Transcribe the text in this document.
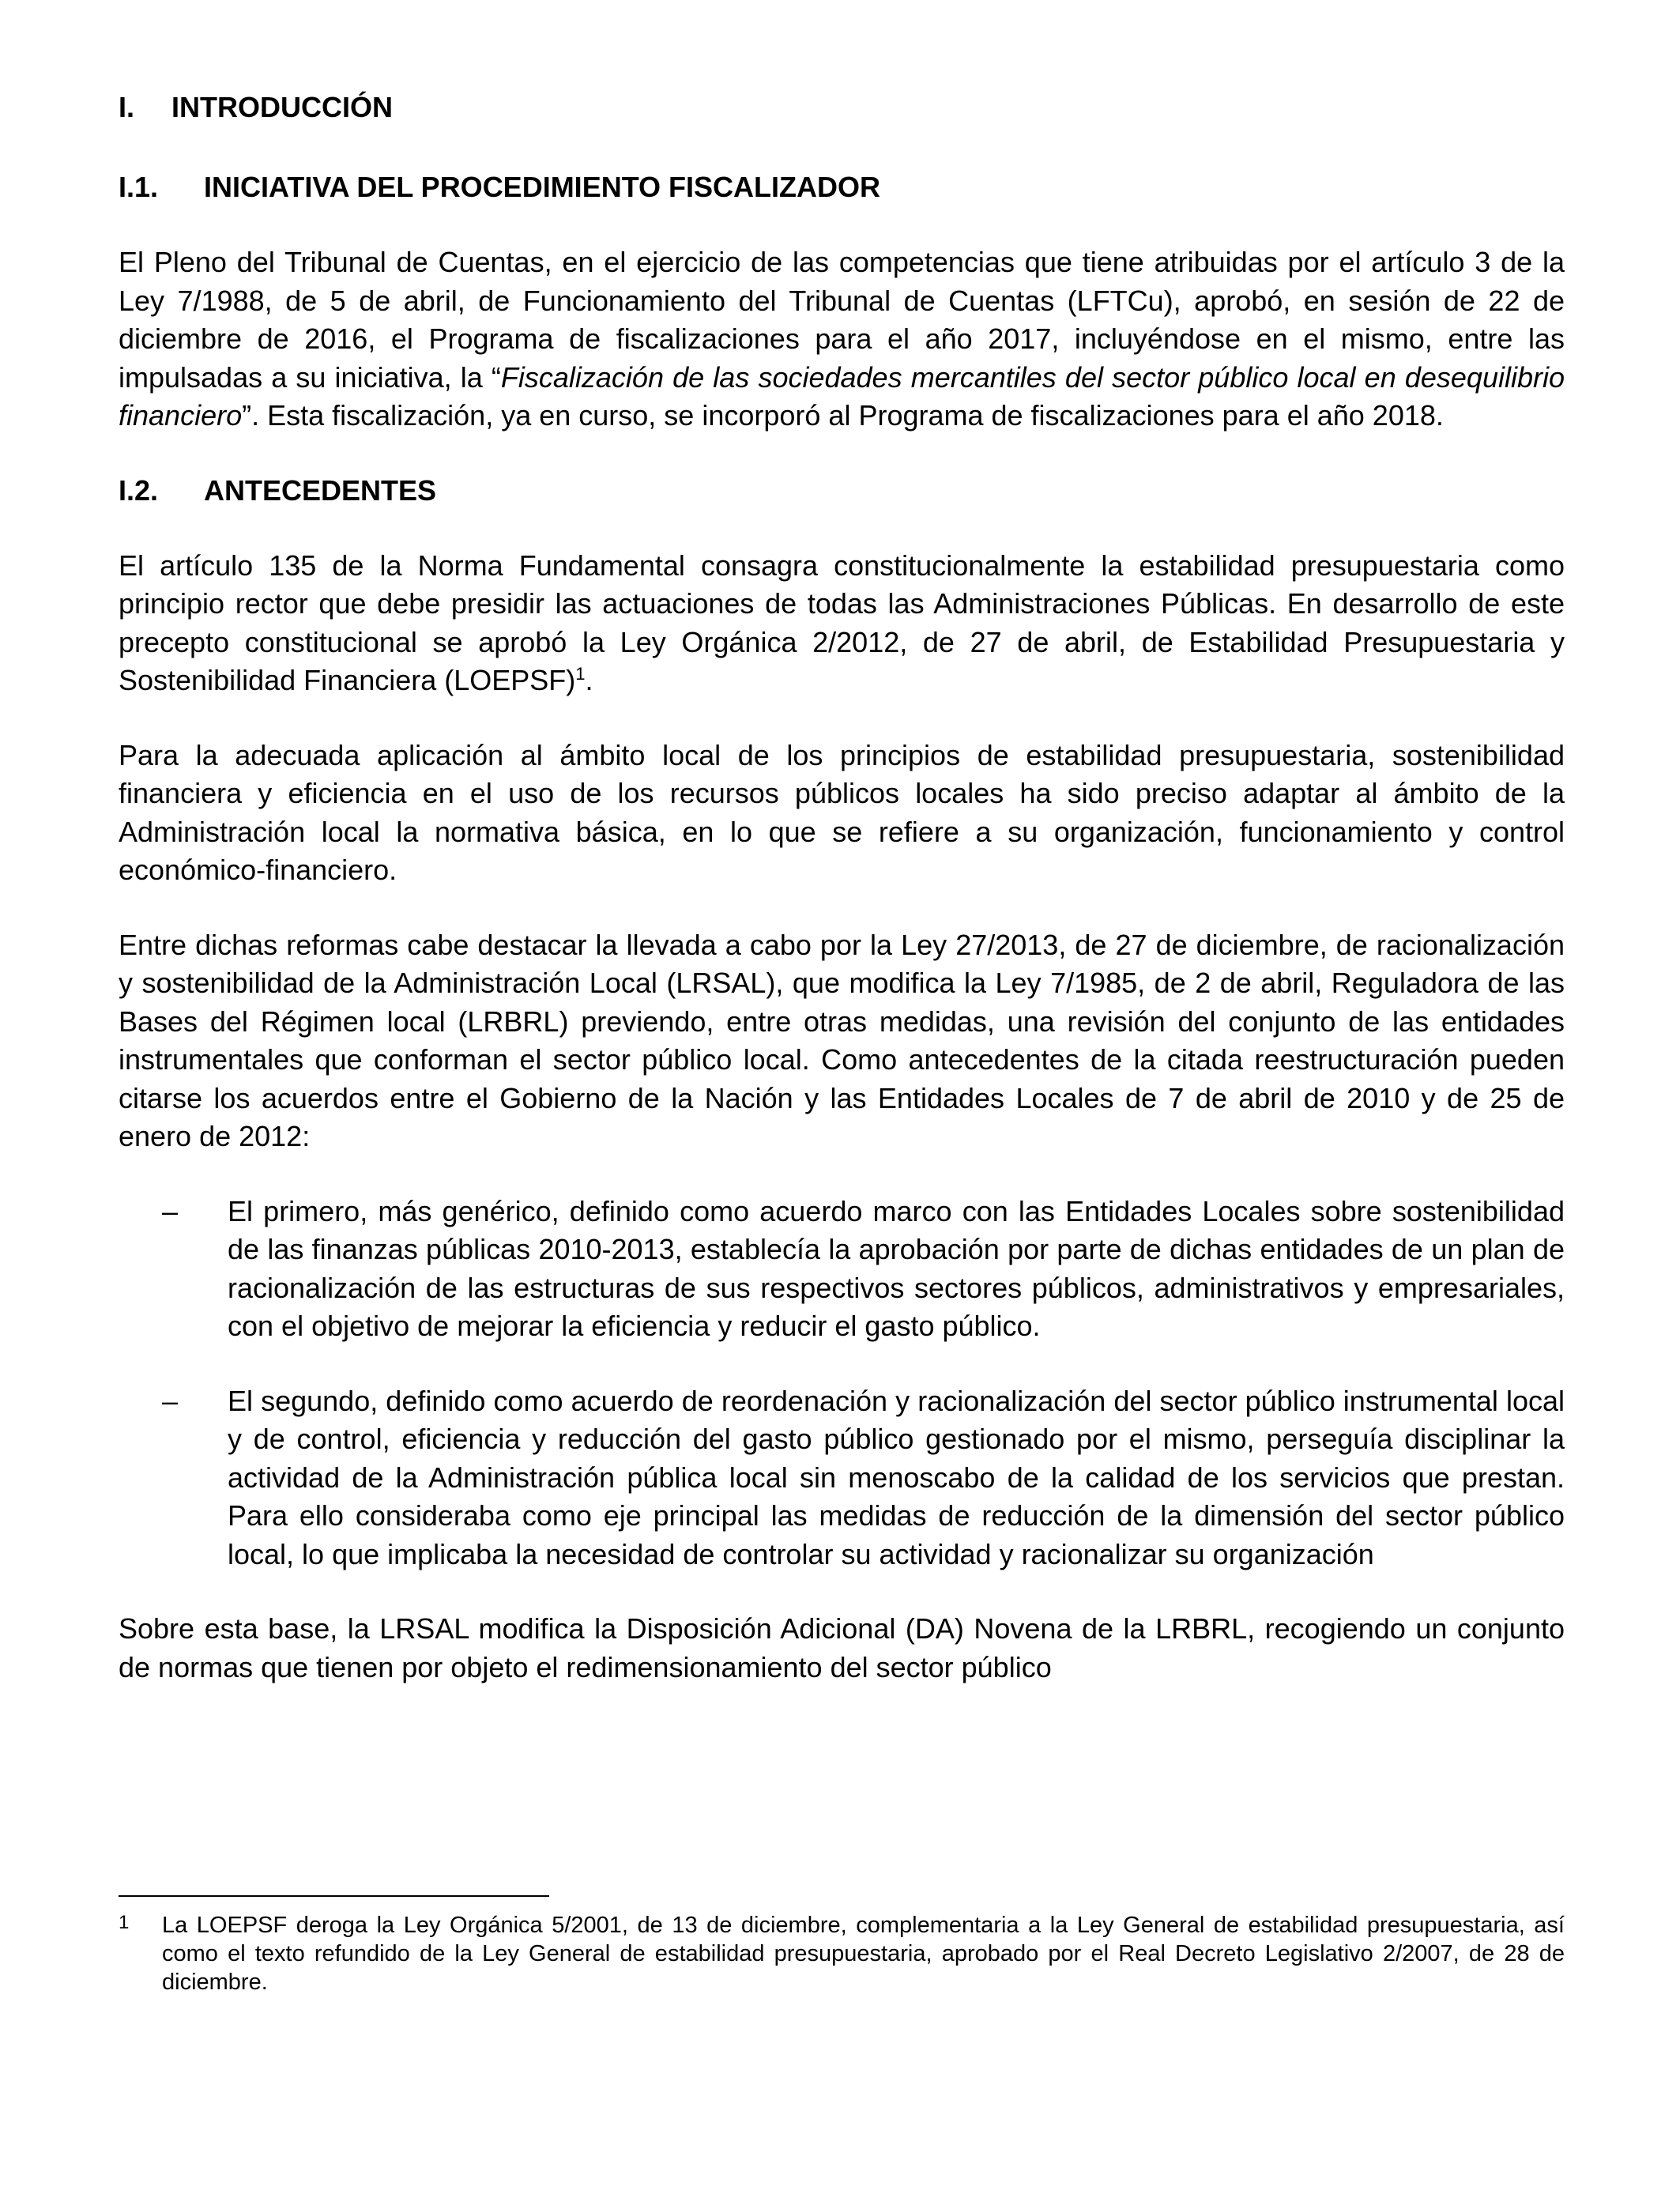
I.	INTRODUCCIÓN
I.1.	INICIATIVA DEL PROCEDIMIENTO FISCALIZADOR

El Pleno del Tribunal de Cuentas, en el ejercicio de las competencias que tiene atribuidas por el artículo 3 de la Ley 7/1988, de 5 de abril, de Funcionamiento del Tribunal de Cuentas (LFTCu), aprobó, en sesión de 22 de diciembre de 2016, el Programa de fiscalizaciones para el año 2017, incluyéndose en el mismo, entre las impulsadas a su iniciativa, la “Fiscalización de las sociedades mercantiles del sector público local en desequilibrio financiero”. Esta fiscalización, ya en curso, se incorporó al Programa de fiscalizaciones para el año 2018.

I.2.	ANTECEDENTES

El artículo 135 de la Norma Fundamental consagra constitucionalmente la estabilidad presupuestaria como principio rector que debe presidir las actuaciones de todas las Administraciones Públicas. En desarrollo de este precepto constitucional se aprobó la Ley Orgánica 2/2012, de 27 de abril, de Estabilidad Presupuestaria y Sostenibilidad Financiera (LOEPSF)$^1$.

Para la adecuada aplicación al ámbito local de los principios de estabilidad presupuestaria, sostenibilidad financiera y eficiencia en el uso de los recursos públicos locales ha sido preciso adaptar al ámbito de la Administración local la normativa básica, en lo que se refiere a su organización, funcionamiento y control económico-financiero.

Entre dichas reformas cabe destacar la llevada a cabo por la Ley 27/2013, de 27 de diciembre, de racionalización y sostenibilidad de la Administración Local (LRSAL), que modifica la Ley 7/1985, de 2 de abril, Reguladora de las Bases del Régimen local (LRBRL) previendo, entre otras medidas, una revisión del conjunto de las entidades instrumentales que conforman el sector público local. Como antecedentes de la citada reestructuración pueden citarse los acuerdos entre el Gobierno de la Nación y las Entidades Locales de 7 de abril de 2010 y de 25 de enero de 2012:

–	El primero, más genérico, definido como acuerdo marco con las Entidades Locales sobre sostenibilidad de las finanzas públicas 2010-2013, establecía la aprobación por parte de dichas entidades de un plan de racionalización de las estructuras de sus respectivos sectores públicos, administrativos y empresariales, con el objetivo de mejorar la eficiencia y reducir el gasto público.
–	El segundo, definido como acuerdo de reordenación y racionalización del sector público instrumental local y de control, eficiencia y reducción del gasto público gestionado por el mismo, perseguía disciplinar la actividad de la Administración pública local sin menoscabo de la calidad de los servicios que prestan. Para ello consideraba como eje principal las medidas de reducción de la dimensión del sector público local, lo que implicaba la necesidad de controlar su actividad y racionalizar su organización

Sobre esta base, la LRSAL modifica la Disposición Adicional (DA) Novena de la LRBRL, recogiendo un conjunto de normas que tienen por objeto el redimensionamiento del sector público

1	La LOEPSF deroga la Ley Orgánica 5/2001, de 13 de diciembre, complementaria a la Ley General de estabilidad presupuestaria, así como el texto refundido de la Ley General de estabilidad presupuestaria, aprobado por el Real Decreto Legislativo 2/2007, de 28 de diciembre.
